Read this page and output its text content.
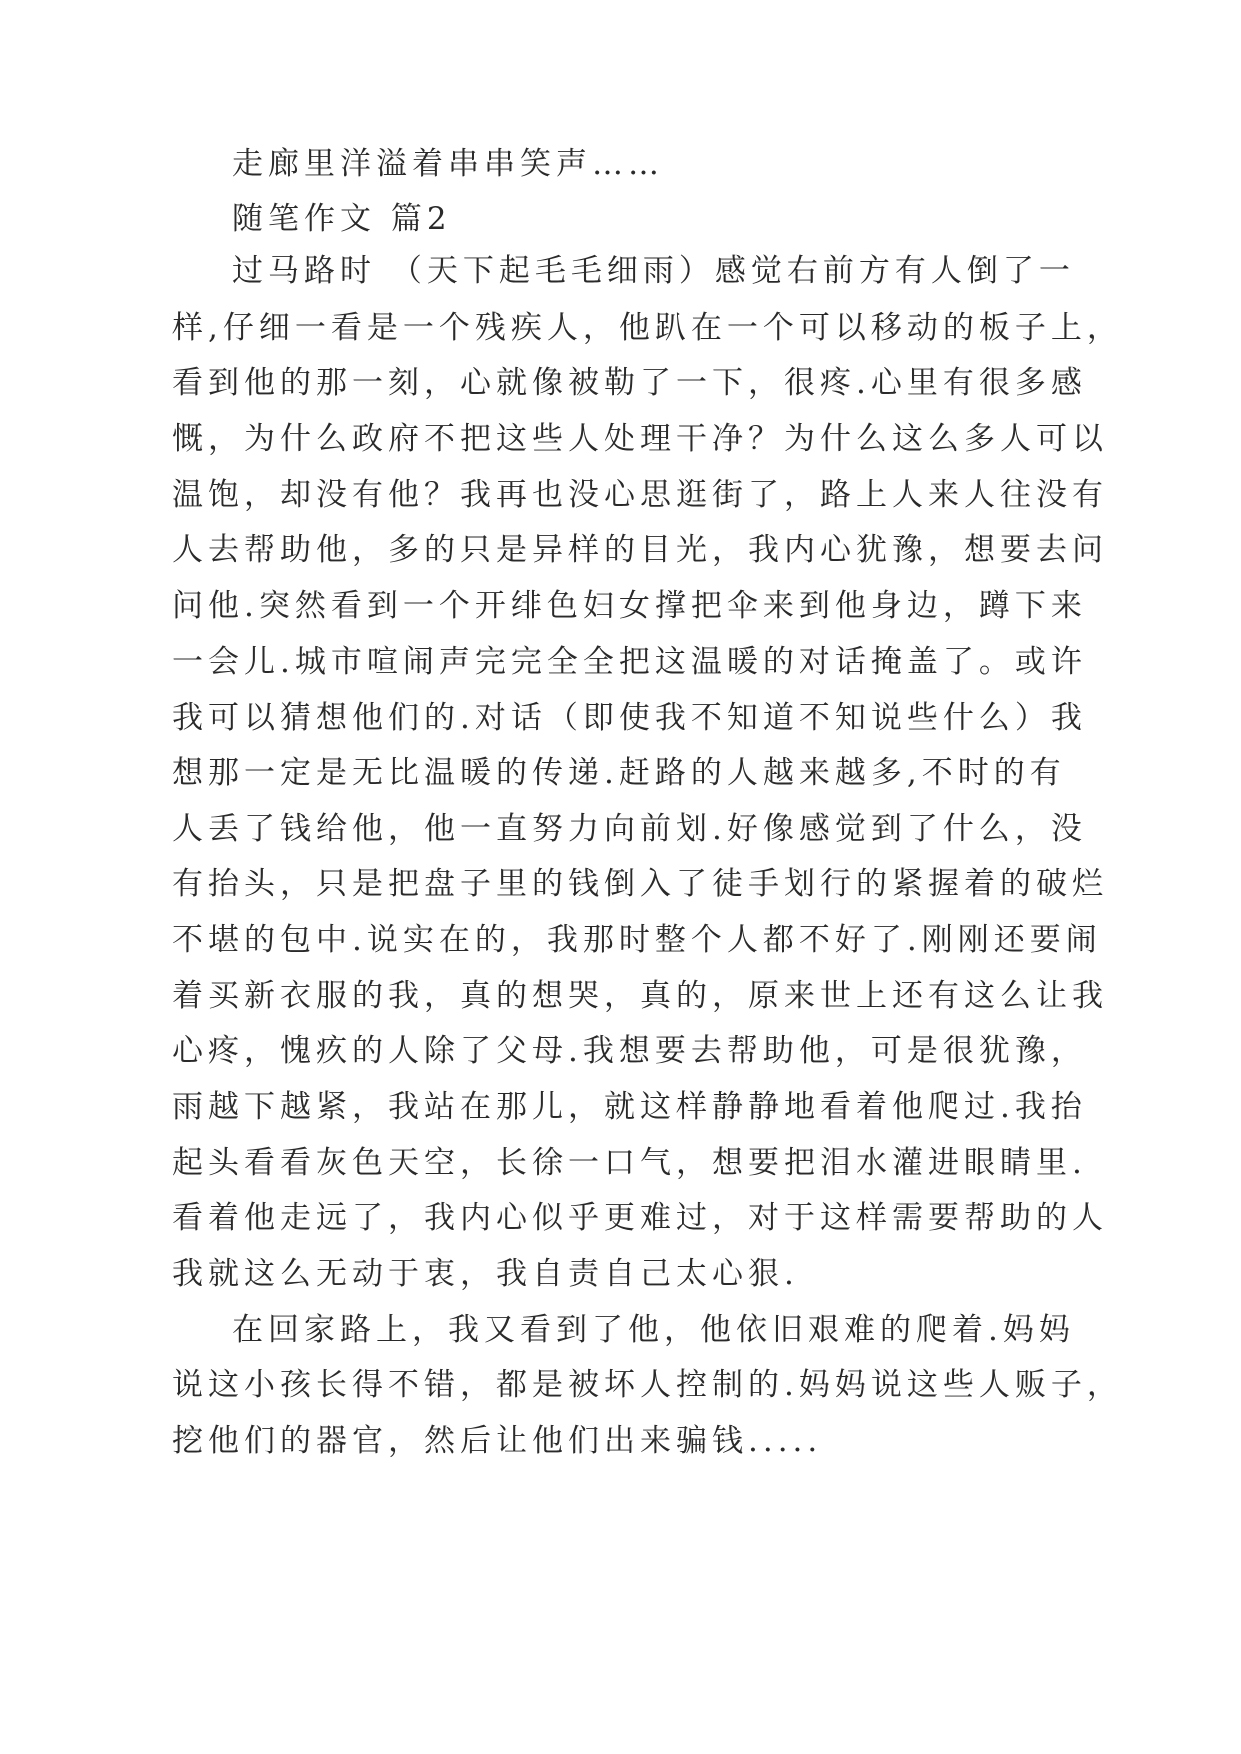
走廊里洋溢着串串笑声……
随笔作文 篇2
过马路时 （天下起毛毛细雨）感觉右前方有人倒了一
样,仔细一看是一个残疾人，他趴在一个可以移动的板子上，
看到他的那一刻，心就像被勒了一下，很疼.心里有很多感
慨，为什么政府不把这些人处理干净？为什么这么多人可以
温饱，却没有他？我再也没心思逛街了，路上人来人往没有
人去帮助他，多的只是异样的目光，我内心犹豫，想要去问
问他.突然看到一个开绯色妇女撑把伞来到他身边，蹲下来
一会儿.城市喧闹声完完全全把这温暖的对话掩盖了。或许
我可以猜想他们的.对话（即使我不知道不知说些什么）我
想那一定是无比温暖的传递.赶路的人越来越多,不时的有
人丢了钱给他，他一直努力向前划.好像感觉到了什么，没
有抬头，只是把盘子里的钱倒入了徒手划行的紧握着的破烂
不堪的包中.说实在的，我那时整个人都不好了.刚刚还要闹
着买新衣服的我，真的想哭，真的，原来世上还有这么让我
心疼，愧疚的人除了父母.我想要去帮助他，可是很犹豫，
雨越下越紧，我站在那儿，就这样静静地看着他爬过.我抬
起头看看灰色天空，长徐一口气，想要把泪水灌进眼睛里.
看着他走远了，我内心似乎更难过，对于这样需要帮助的人
我就这么无动于衷，我自责自己太心狠.
在回家路上，我又看到了他，他依旧艰难的爬着.妈妈
说这小孩长得不错，都是被坏人控制的.妈妈说这些人贩子，
挖他们的器官，然后让他们出来骗钱.....
